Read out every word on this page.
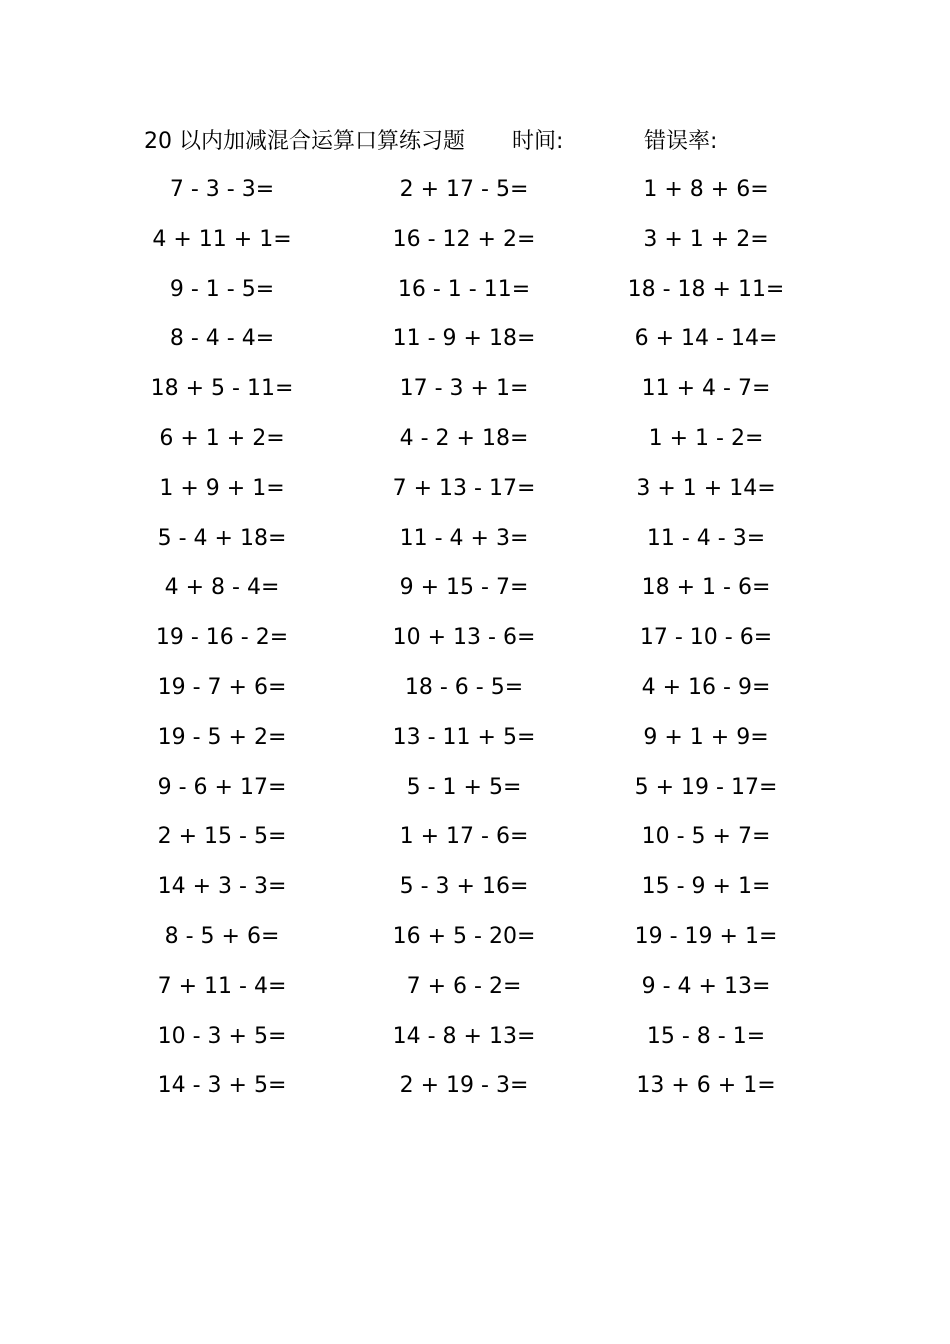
20 以内加减混合运算口算练习题 时间:	错误率:
7 - 3 - 3=	2 + 17 - 5=	1 + 8 + 6=
4 + 11 + 1=	16 - 12 + 2=	3 + 1 + 2=
9 - 1 - 5=	16 - 1 - 11=	18 - 18 + 11=
8 - 4 - 4=	11 - 9 + 18=	6 + 14 - 14=
18 + 5 - 11=	17 - 3 + 1=	11 + 4 - 7=
6 + 1 + 2=	4 - 2 + 18=	1 + 1 - 2=
1 + 9 + 1=	7 + 13 - 17=	3 + 1 + 14=
5 - 4 + 18=	11 - 4 + 3=	11 - 4 - 3=
4 + 8 - 4=	9 + 15 - 7=	18 + 1 - 6=
19 - 16 - 2=	10 + 13 - 6=	17 - 10 - 6=
19 - 7 + 6=	18 - 6 - 5=	4 + 16 - 9=
19 - 5 + 2=	13 - 11 + 5=	9 + 1 + 9=
9 - 6 + 17=	5 - 1 + 5=	5 + 19 - 17=
2 + 15 - 5=	1 + 17 - 6=	10 - 5 + 7=
14 + 3 - 3=	5 - 3 + 16=	15 - 9 + 1=
8 - 5 + 6=	16 + 5 - 20=	19 - 19 + 1=
7 + 11 - 4=	7 + 6 - 2=	9 - 4 + 13=
10 - 3 + 5=	14 - 8 + 13=	15 - 8 - 1=
14 - 3 + 5=	2 + 19 - 3=	13 + 6 + 1=
